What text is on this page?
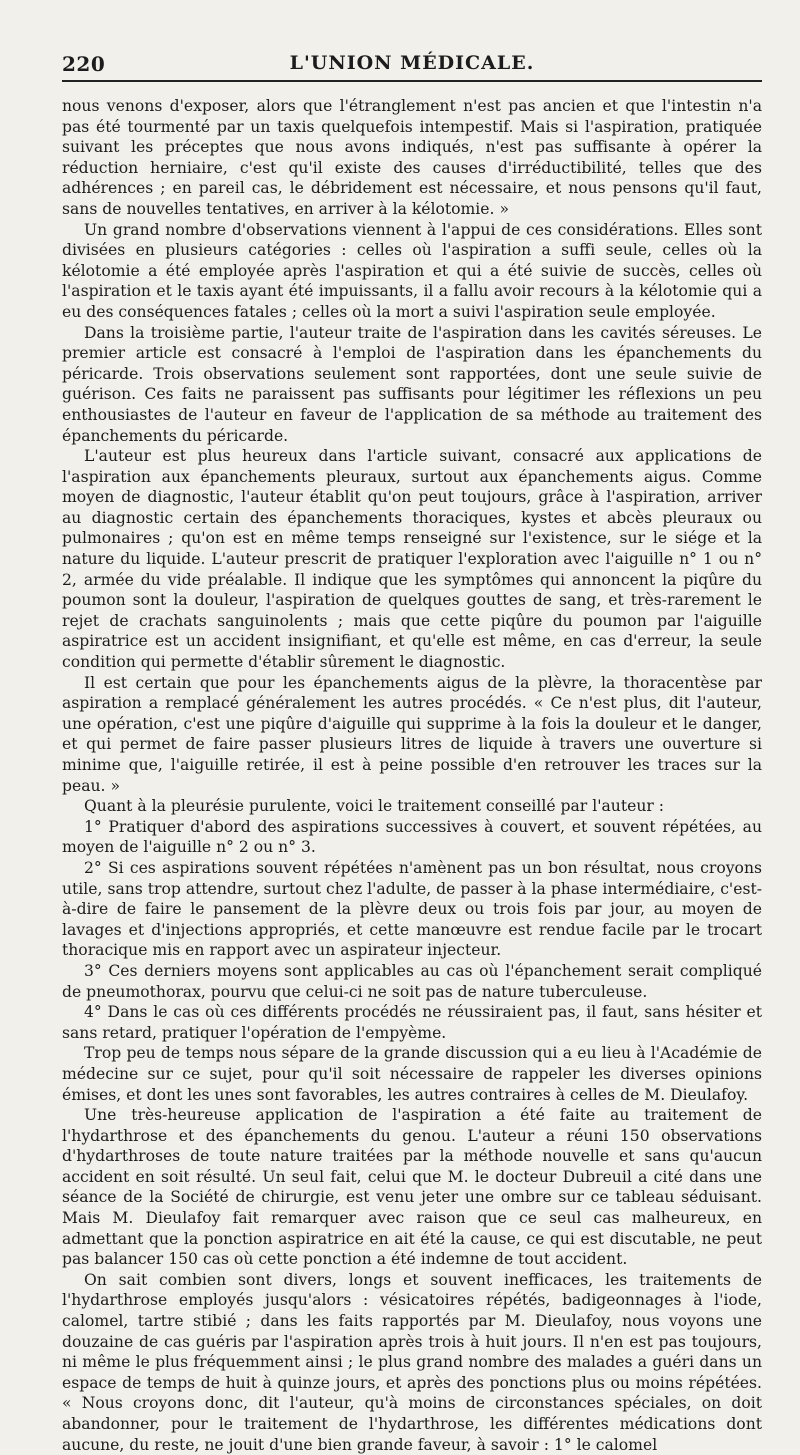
220	L'UNION MÉDICALE.

nous venons d'exposer, alors que l'étranglement n'est pas ancien et que l'intestin n'a pas été tourmenté par un taxis quelquefois intempestif. Mais si l'aspiration, pratiquée suivant les préceptes que nous avons indiqués, n'est pas suffisante à opérer la réduction herniaire, c'est qu'il existe des causes d'irréductibilité, telles que des adhérences ; en pareil cas, le débridement est nécessaire, et nous pensons qu'il faut, sans de nouvelles tentatives, en arriver à la kélotomie. »

Un grand nombre d'observations viennent à l'appui de ces considérations. Elles sont divisées en plusieurs catégories : celles où l'aspiration a suffi seule, celles où la kélotomie a été employée après l'aspiration et qui a été suivie de succès, celles où l'aspiration et le taxis ayant été impuissants, il a fallu avoir recours à la kélotomie qui a eu des conséquences fatales ; celles où la mort a suivi l'aspiration seule employée.

Dans la troisième partie, l'auteur traite de l'aspiration dans les cavités séreuses. Le premier article est consacré à l'emploi de l'aspiration dans les épanchements du péricarde. Trois observations seulement sont rapportées, dont une seule suivie de guérison. Ces faits ne paraissent pas suffisants pour légitimer les réflexions un peu enthousiastes de l'auteur en faveur de l'application de sa méthode au traitement des épanchements du péricarde.

L'auteur est plus heureux dans l'article suivant, consacré aux applications de l'aspiration aux épanchements pleuraux, surtout aux épanchements aigus. Comme moyen de diagnostic, l'auteur établit qu'on peut toujours, grâce à l'aspiration, arriver au diagnostic certain des épanchements thoraciques, kystes et abcès pleuraux ou pulmonaires ; qu'on est en même temps renseigné sur l'existence, sur le siége et la nature du liquide. L'auteur prescrit de pratiquer l'exploration avec l'aiguille n° 1 ou n° 2, armée du vide préalable. Il indique que les symptômes qui annoncent la piqûre du poumon sont la douleur, l'aspiration de quelques gouttes de sang, et très-rarement le rejet de crachats sanguinolents ; mais que cette piqûre du poumon par l'aiguille aspiratrice est un accident insignifiant, et qu'elle est même, en cas d'erreur, la seule condition qui permette d'établir sûrement le diagnostic.

Il est certain que pour les épanchements aigus de la plèvre, la thoracentèse par aspiration a remplacé généralement les autres procédés. « Ce n'est plus, dit l'auteur, une opération, c'est une piqûre d'aiguille qui supprime à la fois la douleur et le danger, et qui permet de faire passer plusieurs litres de liquide à travers une ouverture si minime que, l'aiguille retirée, il est à peine possible d'en retrouver les traces sur la peau. »

Quant à la pleurésie purulente, voici le traitement conseillé par l'auteur :

1° Pratiquer d'abord des aspirations successives à couvert, et souvent répétées, au moyen de l'aiguille n° 2 ou n° 3.

2° Si ces aspirations souvent répétées n'amènent pas un bon résultat, nous croyons utile, sans trop attendre, surtout chez l'adulte, de passer à la phase intermédiaire, c'est-à-dire de faire le pansement de la plèvre deux ou trois fois par jour, au moyen de lavages et d'injections appropriés, et cette manœuvre est rendue facile par le trocart thoracique mis en rapport avec un aspirateur injecteur.

3° Ces derniers moyens sont applicables au cas où l'épanchement serait compliqué de pneumothorax, pourvu que celui-ci ne soit pas de nature tuberculeuse.

4° Dans le cas où ces différents procédés ne réussiraient pas, il faut, sans hésiter et sans retard, pratiquer l'opération de l'empyème.

Trop peu de temps nous sépare de la grande discussion qui a eu lieu à l'Académie de médecine sur ce sujet, pour qu'il soit nécessaire de rappeler les diverses opinions émises, et dont les unes sont favorables, les autres contraires à celles de M. Dieulafoy.

Une très-heureuse application de l'aspiration a été faite au traitement de l'hydarthrose et des épanchements du genou. L'auteur a réuni 150 observations d'hydarthroses de toute nature traitées par la méthode nouvelle et sans qu'aucun accident en soit résulté. Un seul fait, celui que M. le docteur Dubreuil a cité dans une séance de la Société de chirurgie, est venu jeter une ombre sur ce tableau séduisant. Mais M. Dieulafoy fait remarquer avec raison que ce seul cas malheureux, en admettant que la ponction aspiratrice en ait été la cause, ce qui est discutable, ne peut pas balancer 150 cas où cette ponction a été indemne de tout accident.

On sait combien sont divers, longs et souvent inefficaces, les traitements de l'hydarthrose employés jusqu'alors : vésicatoires répétés, badigeonnages à l'iode, calomel, tartre stibié ; dans les faits rapportés par M. Dieulafoy, nous voyons une douzaine de cas guéris par l'aspiration après trois à huit jours. Il n'en est pas toujours, ni même le plus fréquemment ainsi ; le plus grand nombre des malades a guéri dans un espace de temps de huit à quinze jours, et après des ponctions plus ou moins répétées. « Nous croyons donc, dit l'auteur, qu'à moins de circonstances spéciales, on doit abandonner, pour le traitement de l'hydarthrose, les différentes médications dont aucune, du reste, ne jouit d'une bien grande faveur, à savoir : 1° le calomel
